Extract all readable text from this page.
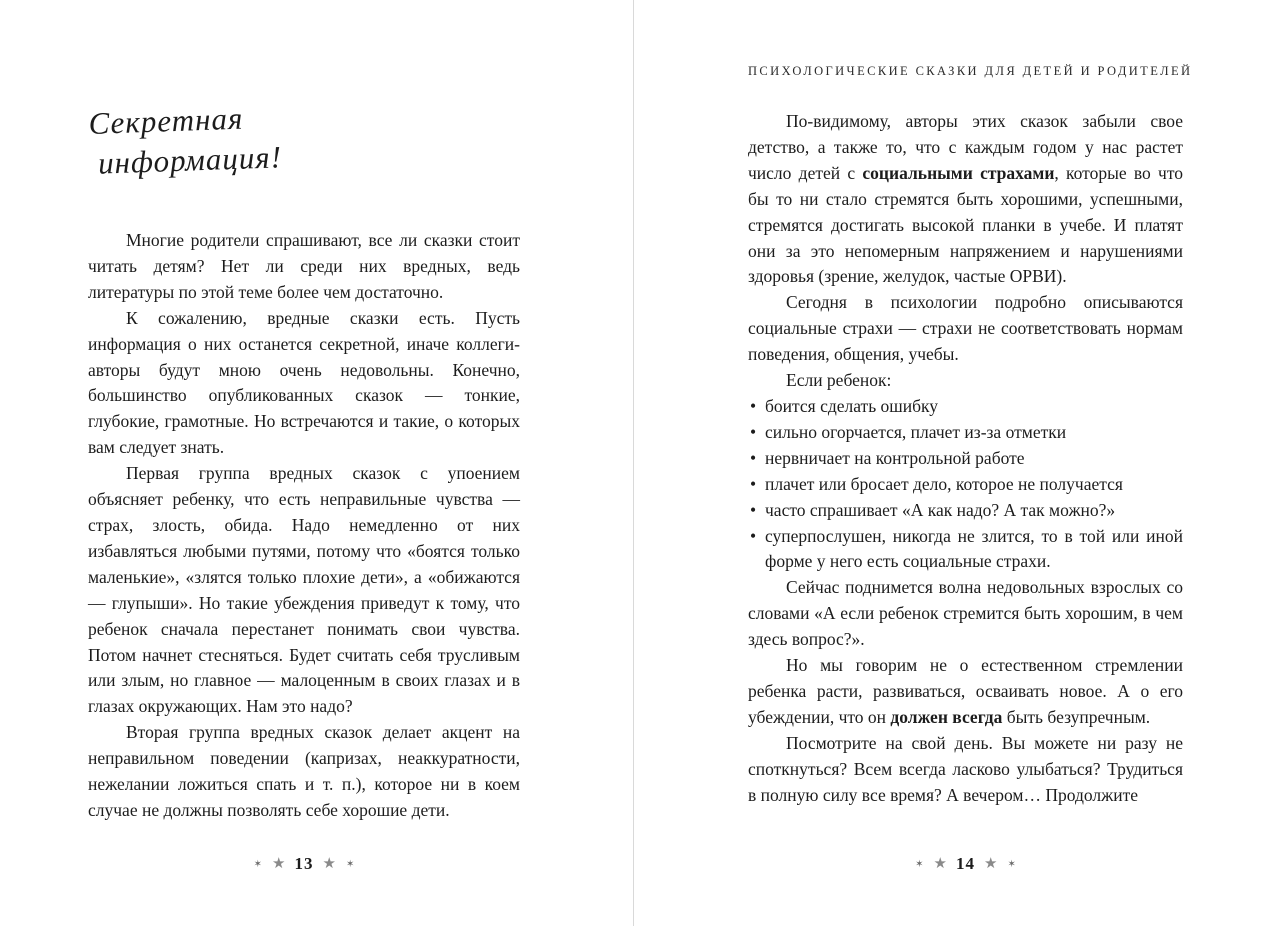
Секретная
информация!

Многие родители спрашивают, все ли сказки стоит читать детям? Нет ли среди них вредных, ведь литературы по этой теме более чем достаточно.

К сожалению, вредные сказки есть. Пусть информация о них останется секретной, иначе коллеги-авторы будут мною очень недовольны. Конечно, большинство опубликованных сказок — тонкие, глубокие, грамотные. Но встречаются и такие, о которых вам следует знать.

Первая группа вредных сказок с упоением объясняет ребенку, что есть неправильные чувства — страх, злость, обида. Надо немедленно от них избавляться любыми путями, потому что «боятся только маленькие», «злятся только плохие дети», а «обижаются — глупыши». Но такие убеждения приведут к тому, что ребенок сначала перестанет понимать свои чувства. Потом начнет стесняться. Будет считать себя трусливым или злым, но главное — малоценным в своих глазах и в глазах окружающих. Нам это надо?

Вторая группа вредных сказок делает акцент на неправильном поведении (капризах, неаккуратности, нежелании ложиться спать и т. п.), которое ни в коем случае не должны позволять себе хорошие дети.

✶ ★ 13 ★ ✶
ПСИХОЛОГИЧЕСКИЕ СКАЗКИ ДЛЯ ДЕТЕЙ И РОДИТЕЛЕЙ

По-видимому, авторы этих сказок забыли свое детство, а также то, что с каждым годом у нас растет число детей с социальными страхами, которые во что бы то ни стало стремятся быть хорошими, успешными, стремятся достигать высокой планки в учебе. И платят они за это непомерным напряжением и нарушениями здоровья (зрение, желудок, частые ОРВИ).

Сегодня в психологии подробно описываются социальные страхи — страхи не соответствовать нормам поведения, общения, учебы.

Если ребенок:

• боится сделать ошибку
• сильно огорчается, плачет из-за отметки
• нервничает на контрольной работе
• плачет или бросает дело, которое не получается
• часто спрашивает «А как надо? А так можно?»
• суперпослушен, никогда не злится, то в той или иной форме у него есть социальные страхи.

Сейчас поднимется волна недовольных взрослых со словами «А если ребенок стремится быть хорошим, в чем здесь вопрос?».

Но мы говорим не о естественном стремлении ребенка расти, развиваться, осваивать новое. А о его убеждении, что он должен всегда быть безупречным.

Посмотрите на свой день. Вы можете ни разу не споткнуться? Всем всегда ласково улыбаться? Трудиться в полную силу все время? А вечером… Продолжите

✶ ★ 14 ★ ✶
